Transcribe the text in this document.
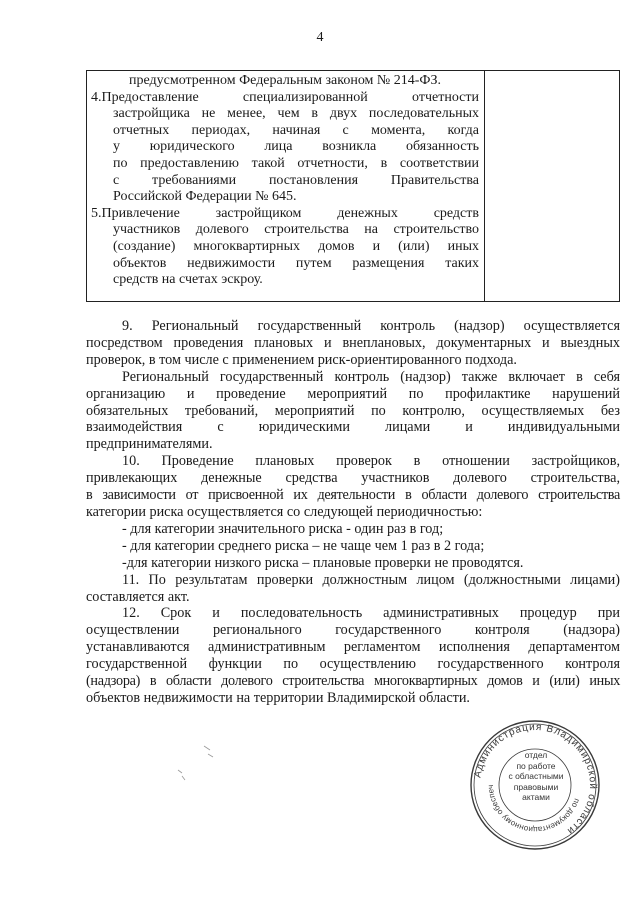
4
предусмотренном Федеральным законом № 214-ФЗ.
4.Предоставление специализированной отчетности
застройщика не менее, чем в двух последовательных
отчетных периодах, начиная с момента, когда
у юридического лица возникла обязанность
по предоставлению такой отчетности, в соответствии
с требованиями постановления Правительства
Российской Федерации № 645.
5.Привлечение застройщиком денежных средств
участников долевого строительства на строительство
(создание) многоквартирных домов и (или) иных
объектов недвижимости путем размещения таких
средств на счетах эскроу.
9. Региональный государственный контроль (надзор) осуществляется
посредством проведения плановых и внеплановых, документарных и выездных
проверок, в том числе с применением риск-ориентированного подхода.
Региональный государственный контроль (надзор) также включает в себя
организацию и проведение мероприятий по профилактике нарушений
обязательных требований, мероприятий по контролю, осуществляемых без
взаимодействия с юридическими лицами и индивидуальными
предпринимателями.
10. Проведение плановых проверок в отношении застройщиков,
привлекающих денежные средства участников долевого строительства,
в зависимости от присвоенной их деятельности в области долевого строительства
категории риска осуществляется со следующей периодичностью:
- для категории значительного риска - один раз в год;
- для категории среднего риска – не чаще чем 1 раз в 2 года;
-для категории низкого риска – плановые проверки не проводятся.
11. По результатам проверки должностным лицом (должностными лицами)
составляется акт.
12. Срок и последовательность административных процедур при
осуществлении регионального государственного контроля (надзора)
устанавливаются административным регламентом исполнения департаментом
государственной функции по осуществлению государственного контроля
(надзора) в области долевого строительства многоквартирных домов и (или) иных
объектов недвижимости на территории Владимирской области.
Администрация Владимирской области
по документационному обеспеч
отдел
по работе
с областными
правовыми
актами
